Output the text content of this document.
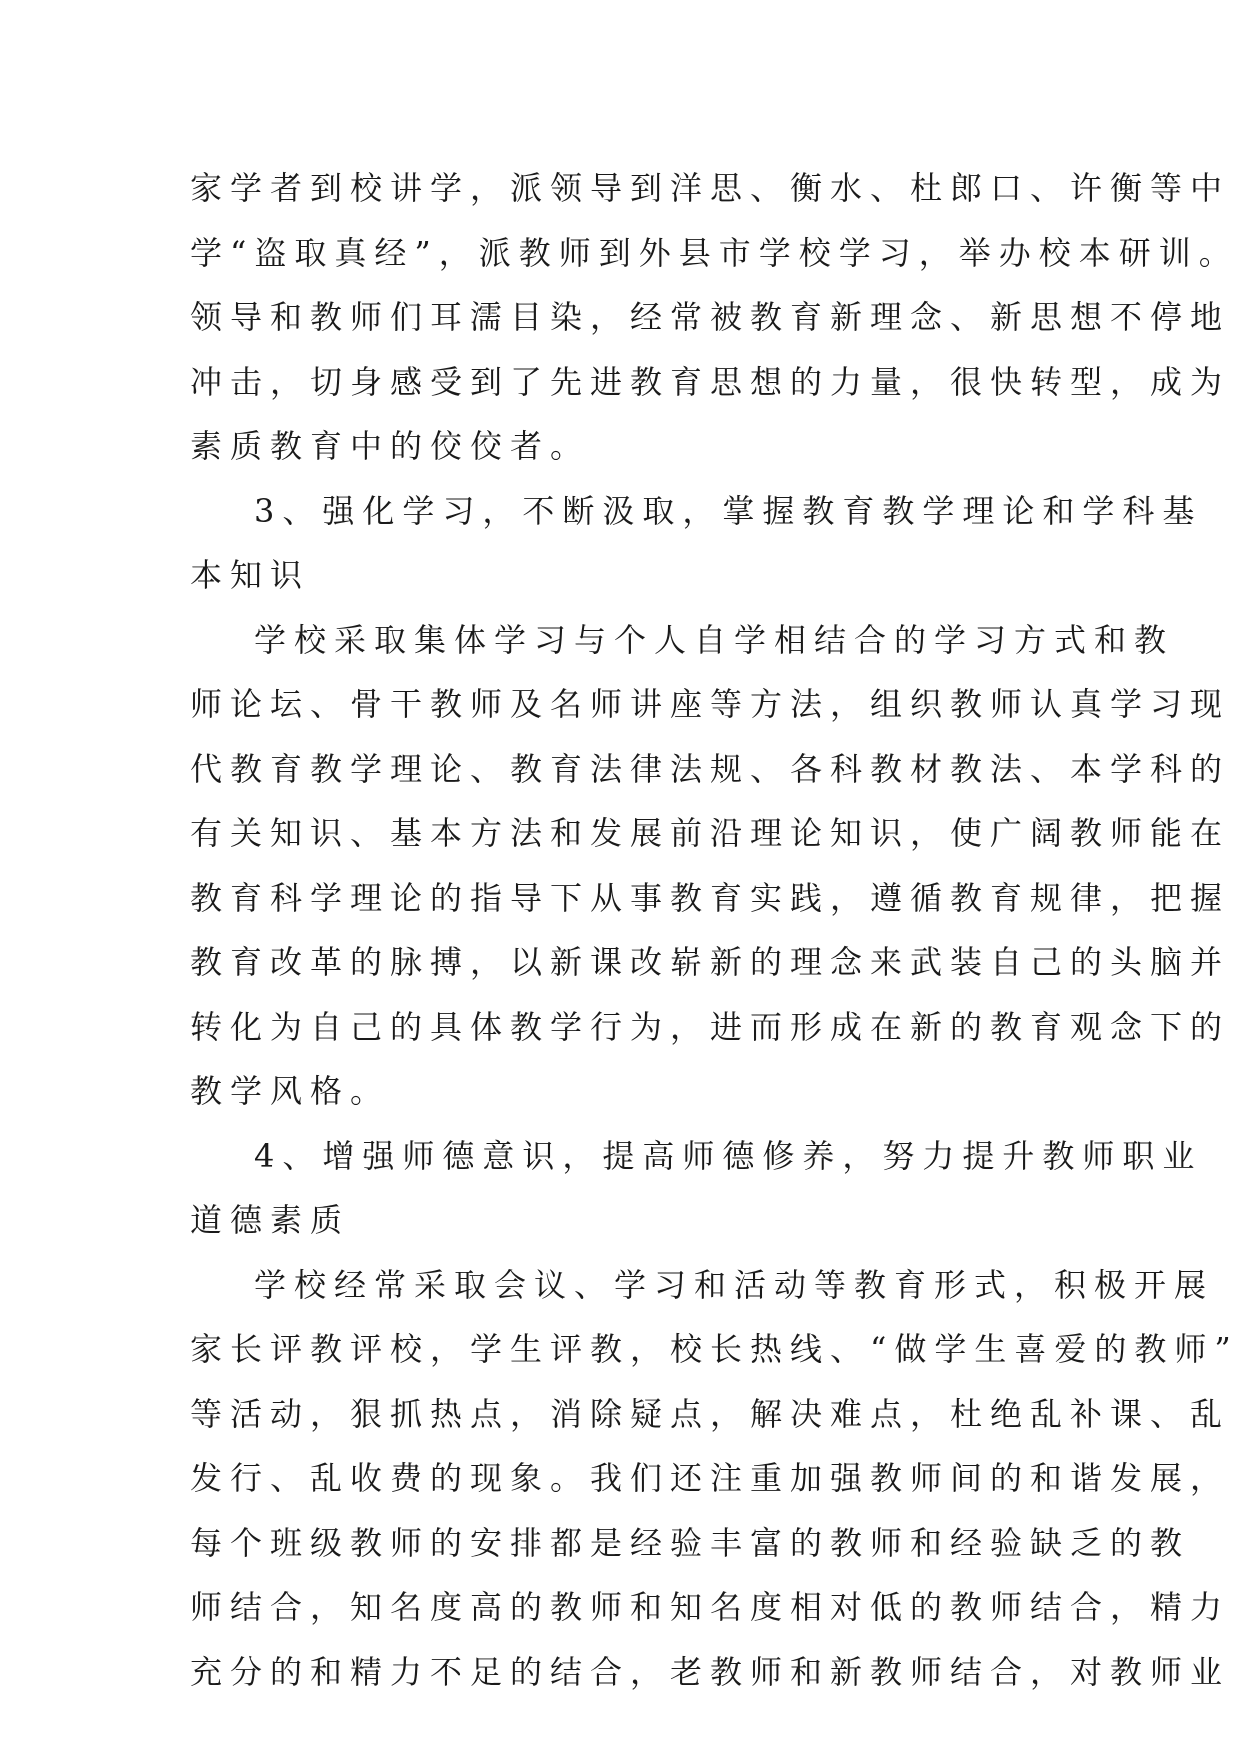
家学者到校讲学，派领导到洋思、衡水、杜郎口、许衡等中
学“盗取真经”，派教师到外县市学校学习，举办校本研训。
领导和教师们耳濡目染，经常被教育新理念、新思想不停地
冲击，切身感受到了先进教育思想的力量，很快转型，成为
素质教育中的佼佼者。
3、强化学习，不断汲取，掌握教育教学理论和学科基
本知识
学校采取集体学习与个人自学相结合的学习方式和教
师论坛、骨干教师及名师讲座等方法，组织教师认真学习现
代教育教学理论、教育法律法规、各科教材教法、本学科的
有关知识、基本方法和发展前沿理论知识，使广阔教师能在
教育科学理论的指导下从事教育实践，遵循教育规律，把握
教育改革的脉搏，以新课改崭新的理念来武装自己的头脑并
转化为自己的具体教学行为，进而形成在新的教育观念下的
教学风格。
4、增强师德意识，提高师德修养，努力提升教师职业
道德素质
学校经常采取会议、学习和活动等教育形式，积极开展
家长评教评校，学生评教，校长热线、“做学生喜爱的教师”
等活动，狠抓热点，消除疑点，解决难点，杜绝乱补课、乱
发行、乱收费的现象。我们还注重加强教师间的和谐发展，
每个班级教师的安排都是经验丰富的教师和经验缺乏的教
师结合，知名度高的教师和知名度相对低的教师结合，精力
充分的和精力不足的结合，老教师和新教师结合，对教师业
